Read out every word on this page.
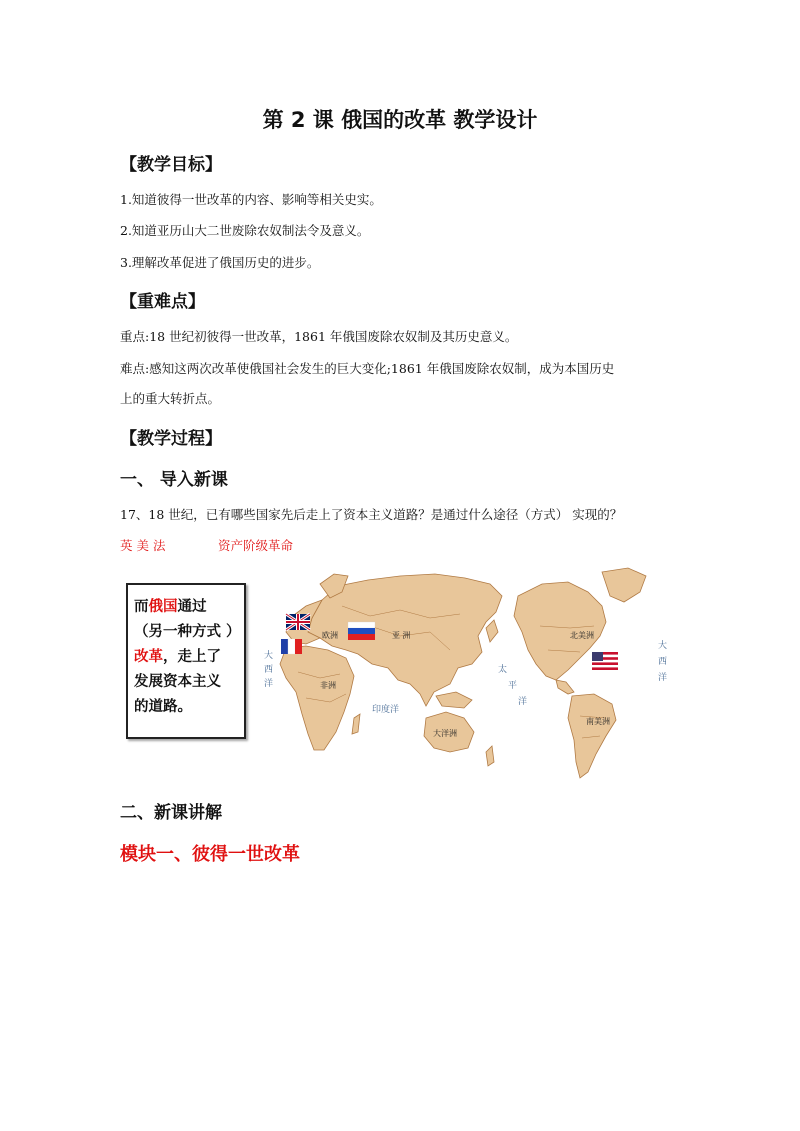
第 2 课 俄国的改革 教学设计
【教学目标】
1.知道彼得一世改革的内容、影响等相关史实。
2.知道亚历山大二世废除农奴制法令及意义。
3.理解改革促进了俄国历史的进步。
【重难点】
重点:18 世纪初彼得一世改革，1861 年俄国废除农奴制及其历史意义。
难点:感知这两次改革使俄国社会发生的巨大变化;1861 年俄国废除农奴制，成为本国历史
上的重大转折点。
【教学过程】
一、 导入新课
17、18 世纪，已有哪些国家先后走上了资本主义道路？是通过什么途径（方式） 实现的？
英 美 法	资产阶级革命
而俄国通过
（另一种方式 ）
改革，走上了
发展资本主义
的道路。
欧洲	亚 洲
非洲
大洋洲
北美洲
南美洲
大
西
洋
大
西
洋
太
平
洋
印度洋
二、新课讲解
模块一、彼得一世改革
